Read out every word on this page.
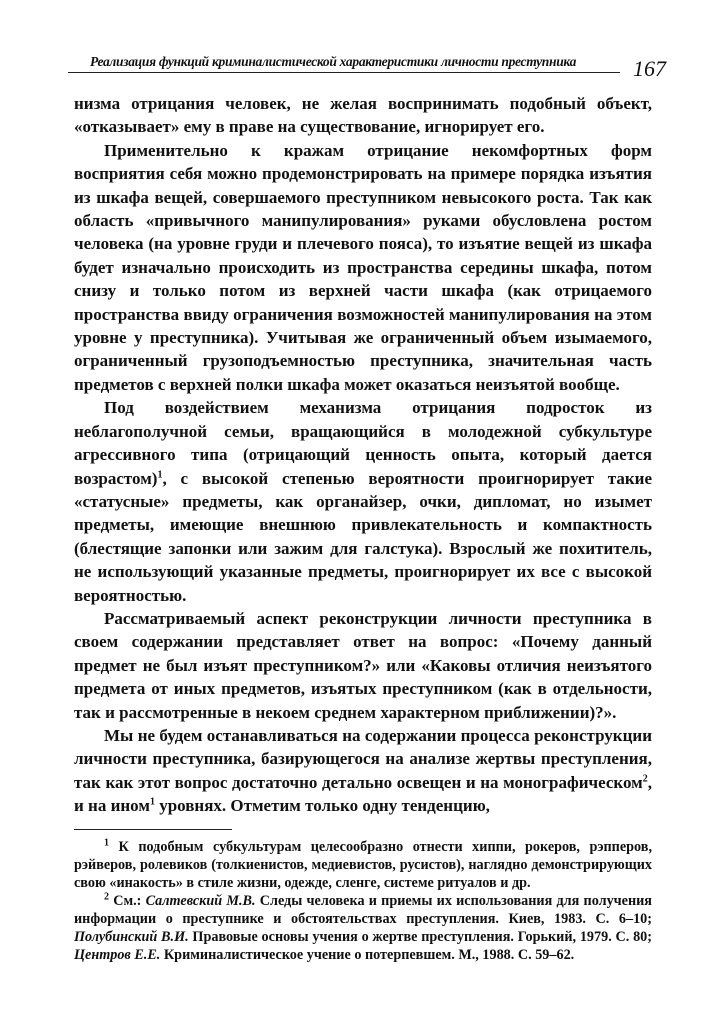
Реализация функций криминалистической характеристики личности преступника	167

низма отрицания человек, не желая воспринимать подобный объект, «отказывает» ему в праве на существование, игнорирует его.

Применительно к кражам отрицание некомфортных форм восприятия себя можно продемонстрировать на примере порядка изъятия из шкафа вещей, совершаемого преступником невысокого роста. Так как область «привычного манипулирования» руками обусловлена ростом человека (на уровне груди и плечевого пояса), то изъятие вещей из шкафа будет изначально происходить из пространства середины шкафа, потом снизу и только потом из верхней части шкафа (как отрицаемого пространства ввиду ограничения возможностей манипулирования на этом уровне у преступника). Учитывая же ограниченный объем изымаемого, ограниченный грузоподъемностью преступника, значительная часть предметов с верхней полки шкафа может оказаться неизъятой вообще.

Под воздействием механизма отрицания подросток из неблагополучной семьи, вращающийся в молодежной субкультуре агрессивного типа (отрицающий ценность опыта, который дается возрастом)$^1$, с высокой степенью вероятности проигнорирует такие «статусные» предметы, как органайзер, очки, дипломат, но изымет предметы, имеющие внешнюю привлекательность и компактность (блестящие запонки или зажим для галстука). Взрослый же похититель, не использующий указанные предметы, проигнорирует их все с высокой вероятностью.

Рассматриваемый аспект реконструкции личности преступника в своем содержании представляет ответ на вопрос: «Почему данный предмет не был изъят преступником?» или «Каковы отличия неизъятого предмета от иных предметов, изъятых преступником (как в отдельности, так и рассмотренные в некоем среднем характерном приближении)?».

Мы не будем останавливаться на содержании процесса реконструкции личности преступника, базирующегося на анализе жертвы преступления, так как этот вопрос достаточно детально освещен и на монографическом$^2$, и на ином$^1$ уровнях. Отметим только одну тенденцию,

$^1$ К подобным субкультурам целесообразно отнести хиппи, рокеров, рэпперов, рэйверов, ролевиков (толкиенистов, медиевистов, русистов), наглядно демонстрирующих свою «инакость» в стиле жизни, одежде, сленге, системе ритуалов и др.

$^2$ См.: Салтевский М.В. Следы человека и приемы их использования для получения информации о преступнике и обстоятельствах преступления. Киев, 1983. С. 6–10; Полубинский В.И. Правовые основы учения о жертве преступления. Горький, 1979. С. 80; Центров Е.Е. Криминалистическое учение о потерпевшем. М., 1988. С. 59–62.
